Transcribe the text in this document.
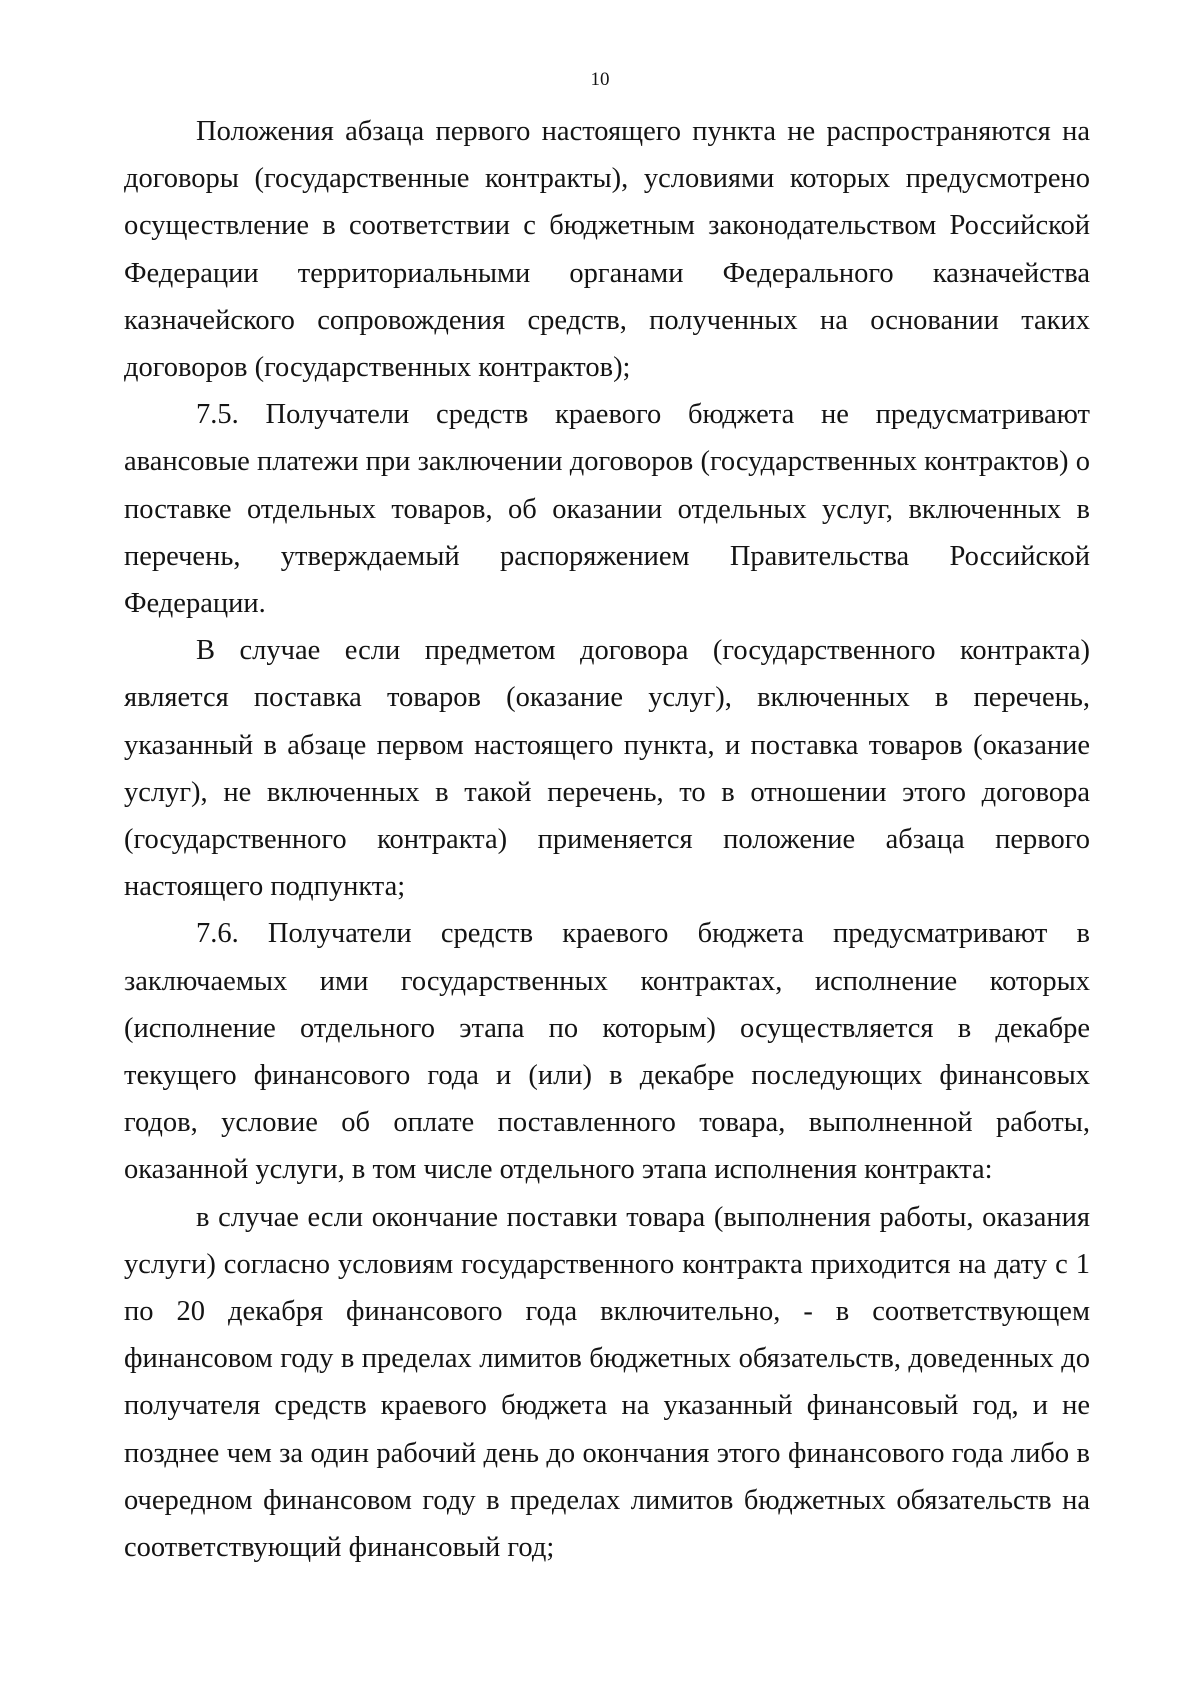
10

Положения абзаца первого настоящего пункта не распространяются на договоры (государственные контракты), условиями которых предусмотрено осуществление в соответствии с бюджетным законодательством Российской Федерации территориальными органами Федерального казначейства казначейского сопровождения средств, полученных на основании таких договоров (государственных контрактов);

7.5. Получатели средств краевого бюджета не предусматривают авансовые платежи при заключении договоров (государственных контрактов) о поставке отдельных товаров, об оказании отдельных услуг, включенных в перечень, утверждаемый распоряжением Правительства Российской Федерации.

В случае если предметом договора (государственного контракта) является поставка товаров (оказание услуг), включенных в перечень, указанный в абзаце первом настоящего пункта, и поставка товаров (оказание услуг), не включенных в такой перечень, то в отношении этого договора (государственного контракта) применяется положение абзаца первого настоящего подпункта;

7.6. Получатели средств краевого бюджета предусматривают в заключаемых ими государственных контрактах, исполнение которых (исполнение отдельного этапа по которым) осуществляется в декабре текущего финансового года и (или) в декабре последующих финансовых годов, условие об оплате поставленного товара, выполненной работы, оказанной услуги, в том числе отдельного этапа исполнения контракта:

в случае если окончание поставки товара (выполнения работы, оказания услуги) согласно условиям государственного контракта приходится на дату с 1 по 20 декабря финансового года включительно, - в соответствующем финансовом году в пределах лимитов бюджетных обязательств, доведенных до получателя средств краевого бюджета на указанный финансовый год, и не позднее чем за один рабочий день до окончания этого финансового года либо в очередном финансовом году в пределах лимитов бюджетных обязательств на соответствующий финансовый год;
